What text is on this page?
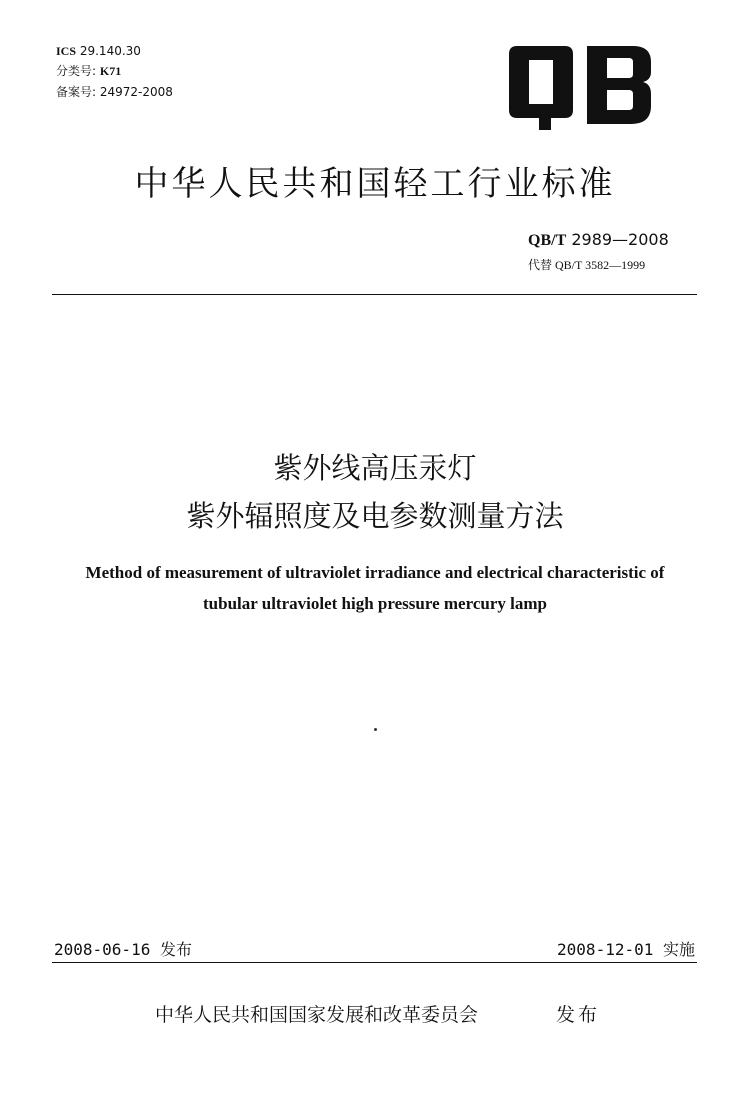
ICS 29.140.30
分类号: K71
备案号: 24972-2008
中华人民共和国轻工行业标准
QB/T 2989—2008
代替 QB/T 3582—1999
紫外线高压汞灯
紫外辐照度及电参数测量方法
Method of measurement of ultraviolet irradiance and electrical characteristic of
tubular ultraviolet high pressure mercury lamp
2008-06-16 发布	2008-12-01 实施
中华人民共和国国家发展和改革委员会	发布
